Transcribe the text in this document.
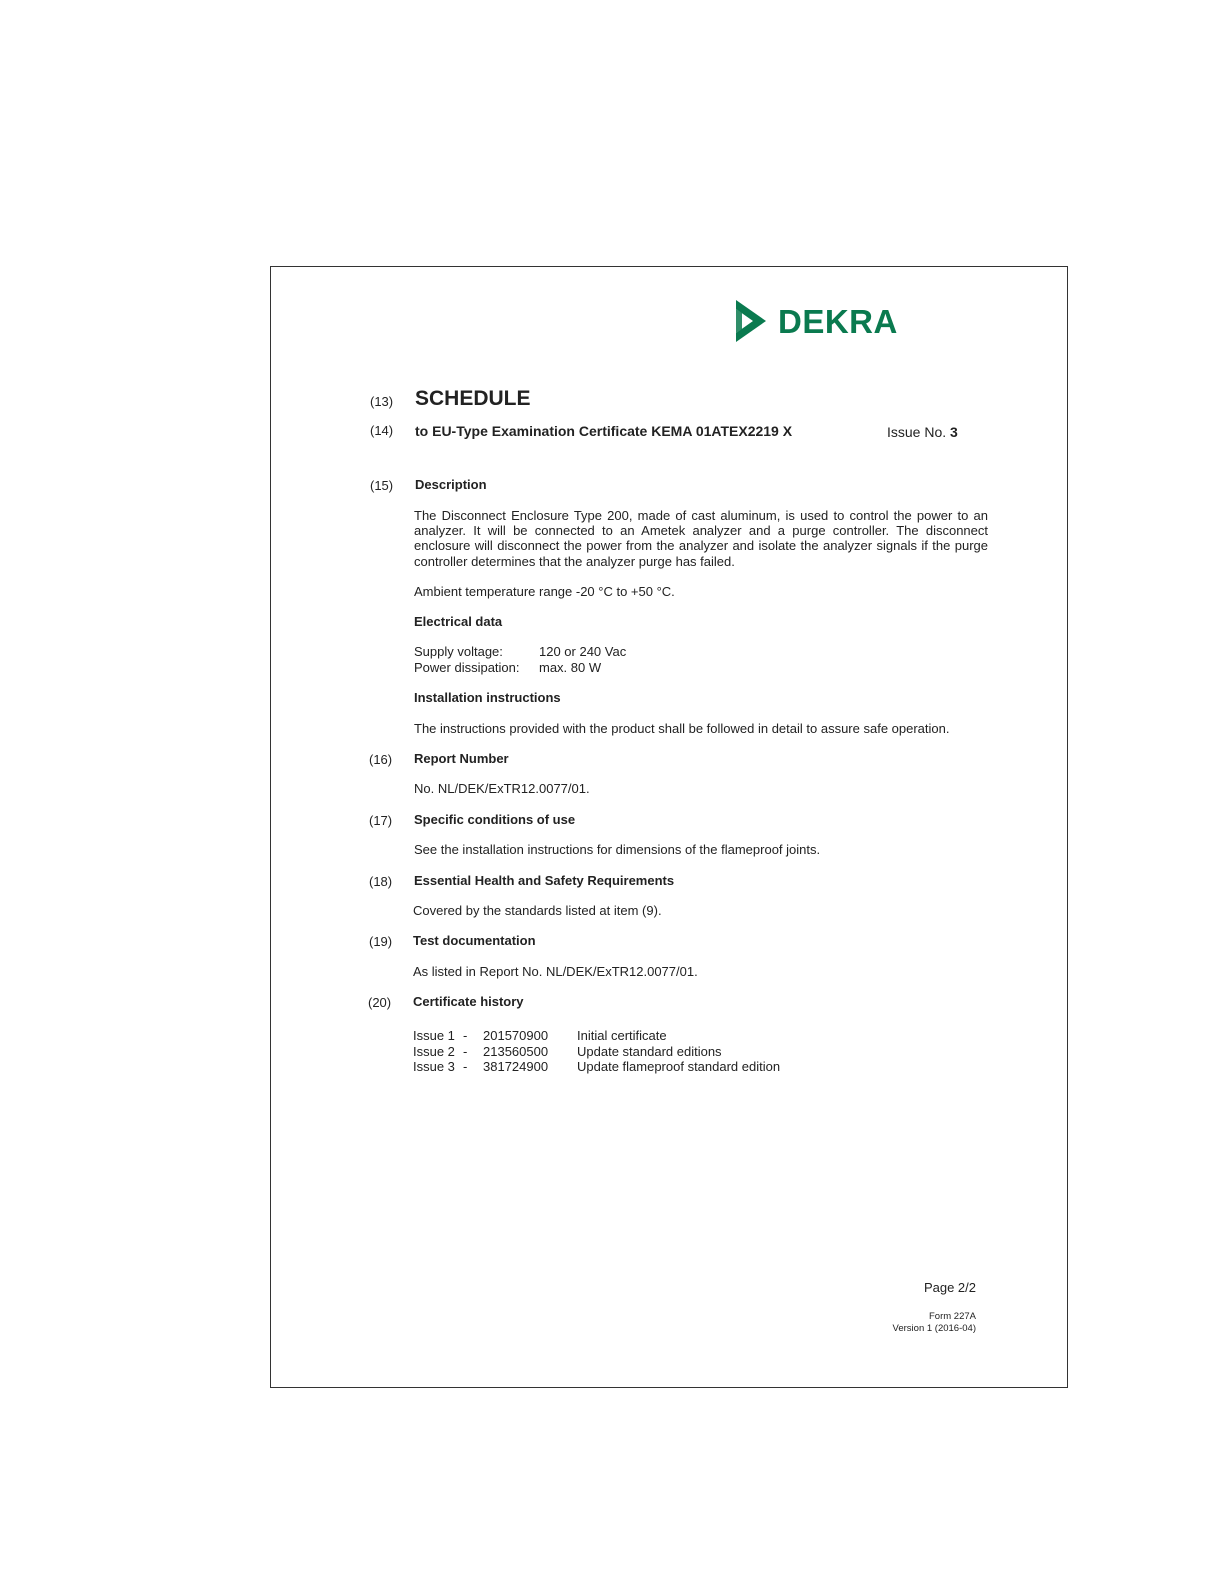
DEKRA
(13) SCHEDULE
(14) to EU-Type Examination Certificate KEMA 01ATEX2219 X	Issue No. 3
(15) Description
The Disconnect Enclosure Type 200, made of cast aluminum, is used to control the power to an analyzer. It will be connected to an Ametek analyzer and a purge controller. The disconnect enclosure will disconnect the power from the analyzer and isolate the analyzer signals if the purge controller determines that the analyzer purge has failed.
Ambient temperature range -20 °C to +50 °C.
Electrical data
Supply voltage:	120 or 240 Vac
Power dissipation:	max. 80 W
Installation instructions
The instructions provided with the product shall be followed in detail to assure safe operation.
(16) Report Number
No. NL/DEK/ExTR12.0077/01.
(17) Specific conditions of use
See the installation instructions for dimensions of the flameproof joints.
(18) Essential Health and Safety Requirements
Covered by the standards listed at item (9).
(19) Test documentation
As listed in Report No. NL/DEK/ExTR12.0077/01.
(20) Certificate history
Issue 1 -	201570900	Initial certificate
Issue 2 -	213560500	Update standard editions
Issue 3 -	381724900	Update flameproof standard edition
Page 2/2
Form 227A
Version 1 (2016-04)
